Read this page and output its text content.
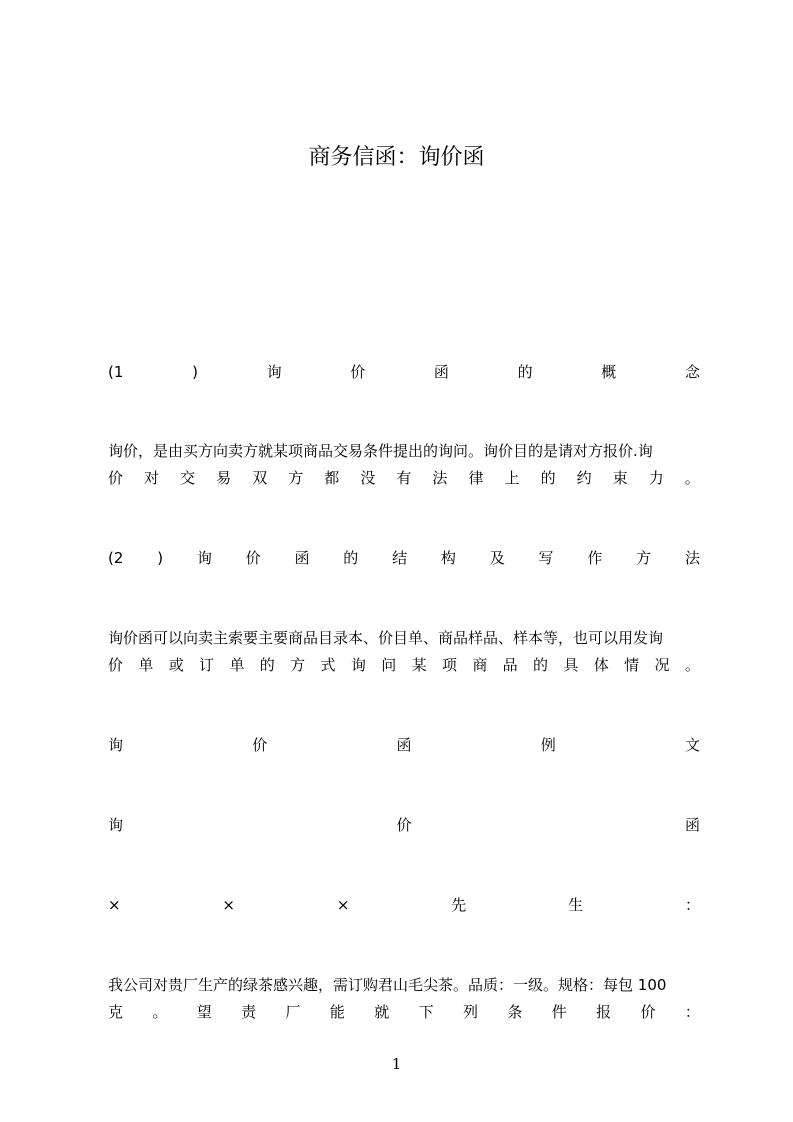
商务信函：询价函
(1	)	询	价	函	的	概	念
询价，是由买方向卖方就某项商品交易条件提出的询问。询价目的是请对方报价.询
价 对 交 易 双 方 都 没 有 法 律 上 的 约 束 力 。
(2 ) 询 价 函 的 结 构 及 写 作 方 法
询价函可以向卖主索要主要商品目录本、价目单、商品样品、样本等，也可以用发询
价 单 或 订 单 的 方 式 询 问 某 项 商 品 的 具 体 情 况 。
询	价	函	例	文
询	价	函
×	×	×	先	生	：
我公司对贵厂生产的绿茶感兴趣，需订购君山毛尖茶。品质：一级。规格：每包 100
克 。 望 责 厂 能 就 下 列 条 件 报 价 ：
1
